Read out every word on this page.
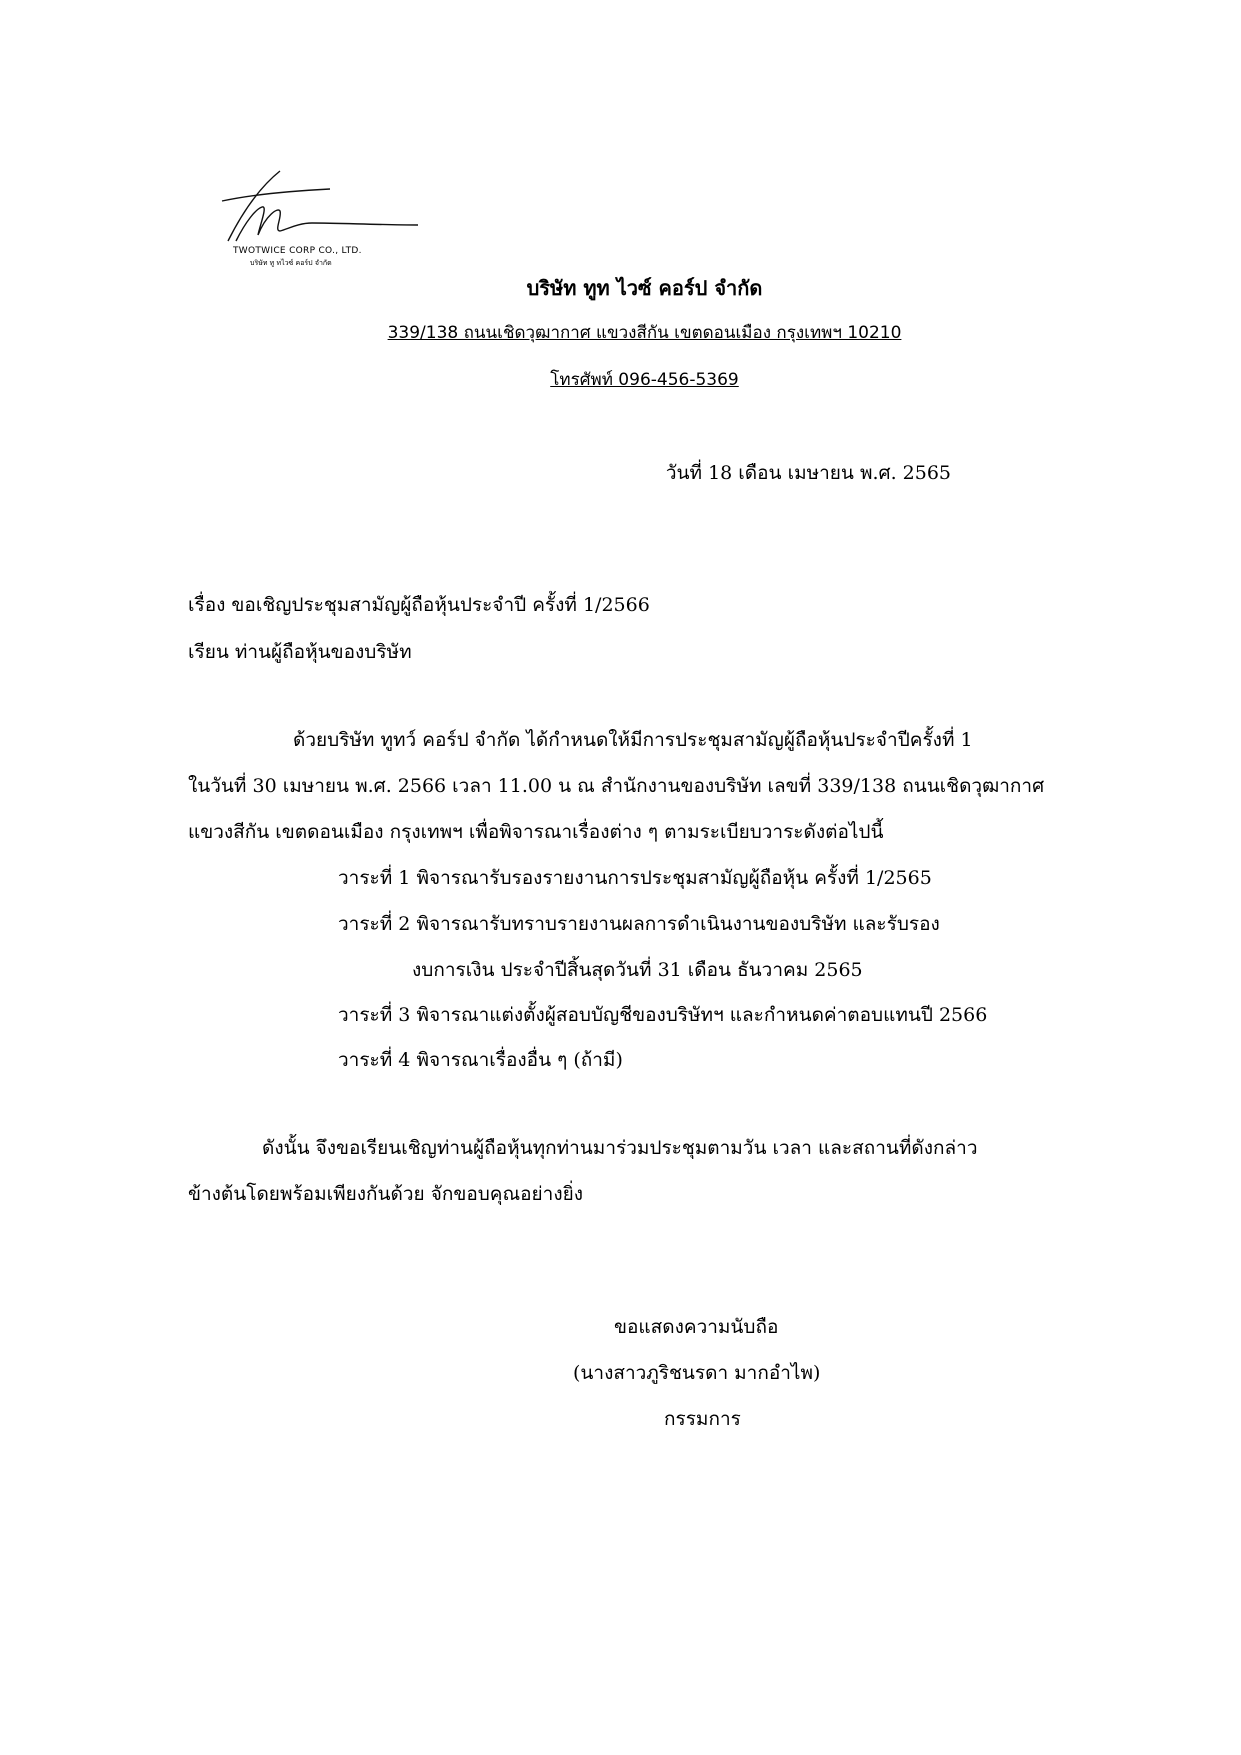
TWOTWICE CORP CO., LTD.
บริษัท ทู ทไวซ์ คอร์ป จำกัด
บริษัท ทูท ไวซ์ คอร์ป จำกัด
339/138 ถนนเชิดวุฒากาศ แขวงสีกัน เขตดอนเมือง กรุงเทพฯ 10210
โทรศัพท์ 096-456-5369
วันที่ 18 เดือน เมษายน พ.ศ. 2565
เรื่อง ขอเชิญประชุมสามัญผู้ถือหุ้นประจำปี ครั้งที่ 1/2566
เรียน ท่านผู้ถือหุ้นของบริษัท
ด้วยบริษัท ทูทว์ คอร์ป จำกัด ได้กำหนดให้มีการประชุมสามัญผู้ถือหุ้นประจำปีครั้งที่ 1
ในวันที่ 30 เมษายน พ.ศ. 2566 เวลา 11.00 น ณ สำนักงานของบริษัท เลขที่ 339/138 ถนนเชิดวุฒากาศ
แขวงสีกัน เขตดอนเมือง กรุงเทพฯ เพื่อพิจารณาเรื่องต่าง ๆ ตามระเบียบวาระดังต่อไปนี้
วาระที่ 1 พิจารณารับรองรายงานการประชุมสามัญผู้ถือหุ้น ครั้งที่ 1/2565
วาระที่ 2 พิจารณารับทราบรายงานผลการดำเนินงานของบริษัท และรับรอง
งบการเงิน ประจำปีสิ้นสุดวันที่ 31 เดือน ธันวาคม 2565
วาระที่ 3 พิจารณาแต่งตั้งผู้สอบบัญชีของบริษัทฯ และกำหนดค่าตอบแทนปี 2566
วาระที่ 4 พิจารณาเรื่องอื่น ๆ (ถ้ามี)
ดังนั้น จึงขอเรียนเชิญท่านผู้ถือหุ้นทุกท่านมาร่วมประชุมตามวัน เวลา และสถานที่ดังกล่าว
ข้างต้นโดยพร้อมเพียงกันด้วย จักขอบคุณอย่างยิ่ง
ขอแสดงความนับถือ
(นางสาวภูริชนรดา มากอำไพ)
กรรมการ
